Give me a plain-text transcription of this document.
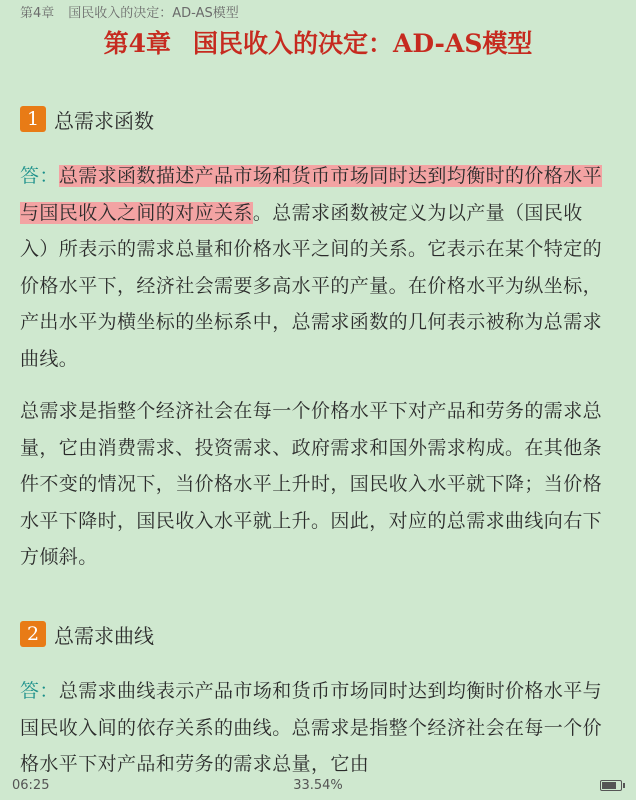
第4章 国民收入的决定：AD-AS模型
第4章 国民收入的决定：AD-AS模型
1 总需求函数

答：总需求函数描述产品市场和货币市场同时达到均衡时的价格水平与国民收入之间的对应关系。总需求函数被定义为以产量（国民收入）所表示的需求总量和价格水平之间的关系。它表示在某个特定的价格水平下，经济社会需要多高水平的产量。在价格水平为纵坐标，产出水平为横坐标的坐标系中，总需求函数的几何表示被称为总需求曲线。

总需求是指整个经济社会在每一个价格水平下对产品和劳务的需求总量，它由消费需求、投资需求、政府需求和国外需求构成。在其他条件不变的情况下，当价格水平上升时，国民收入水平就下降；当价格水平下降时，国民收入水平就上升。因此，对应的总需求曲线向右下方倾斜。

2 总需求曲线

答：总需求曲线表示产品市场和货币市场同时达到均衡时价格水平与国民收入间的依存关系的曲线。总需求是指整个经济社会在每一个价格水平下对产品和劳务的需求总量，它由

06:25	33.54%
